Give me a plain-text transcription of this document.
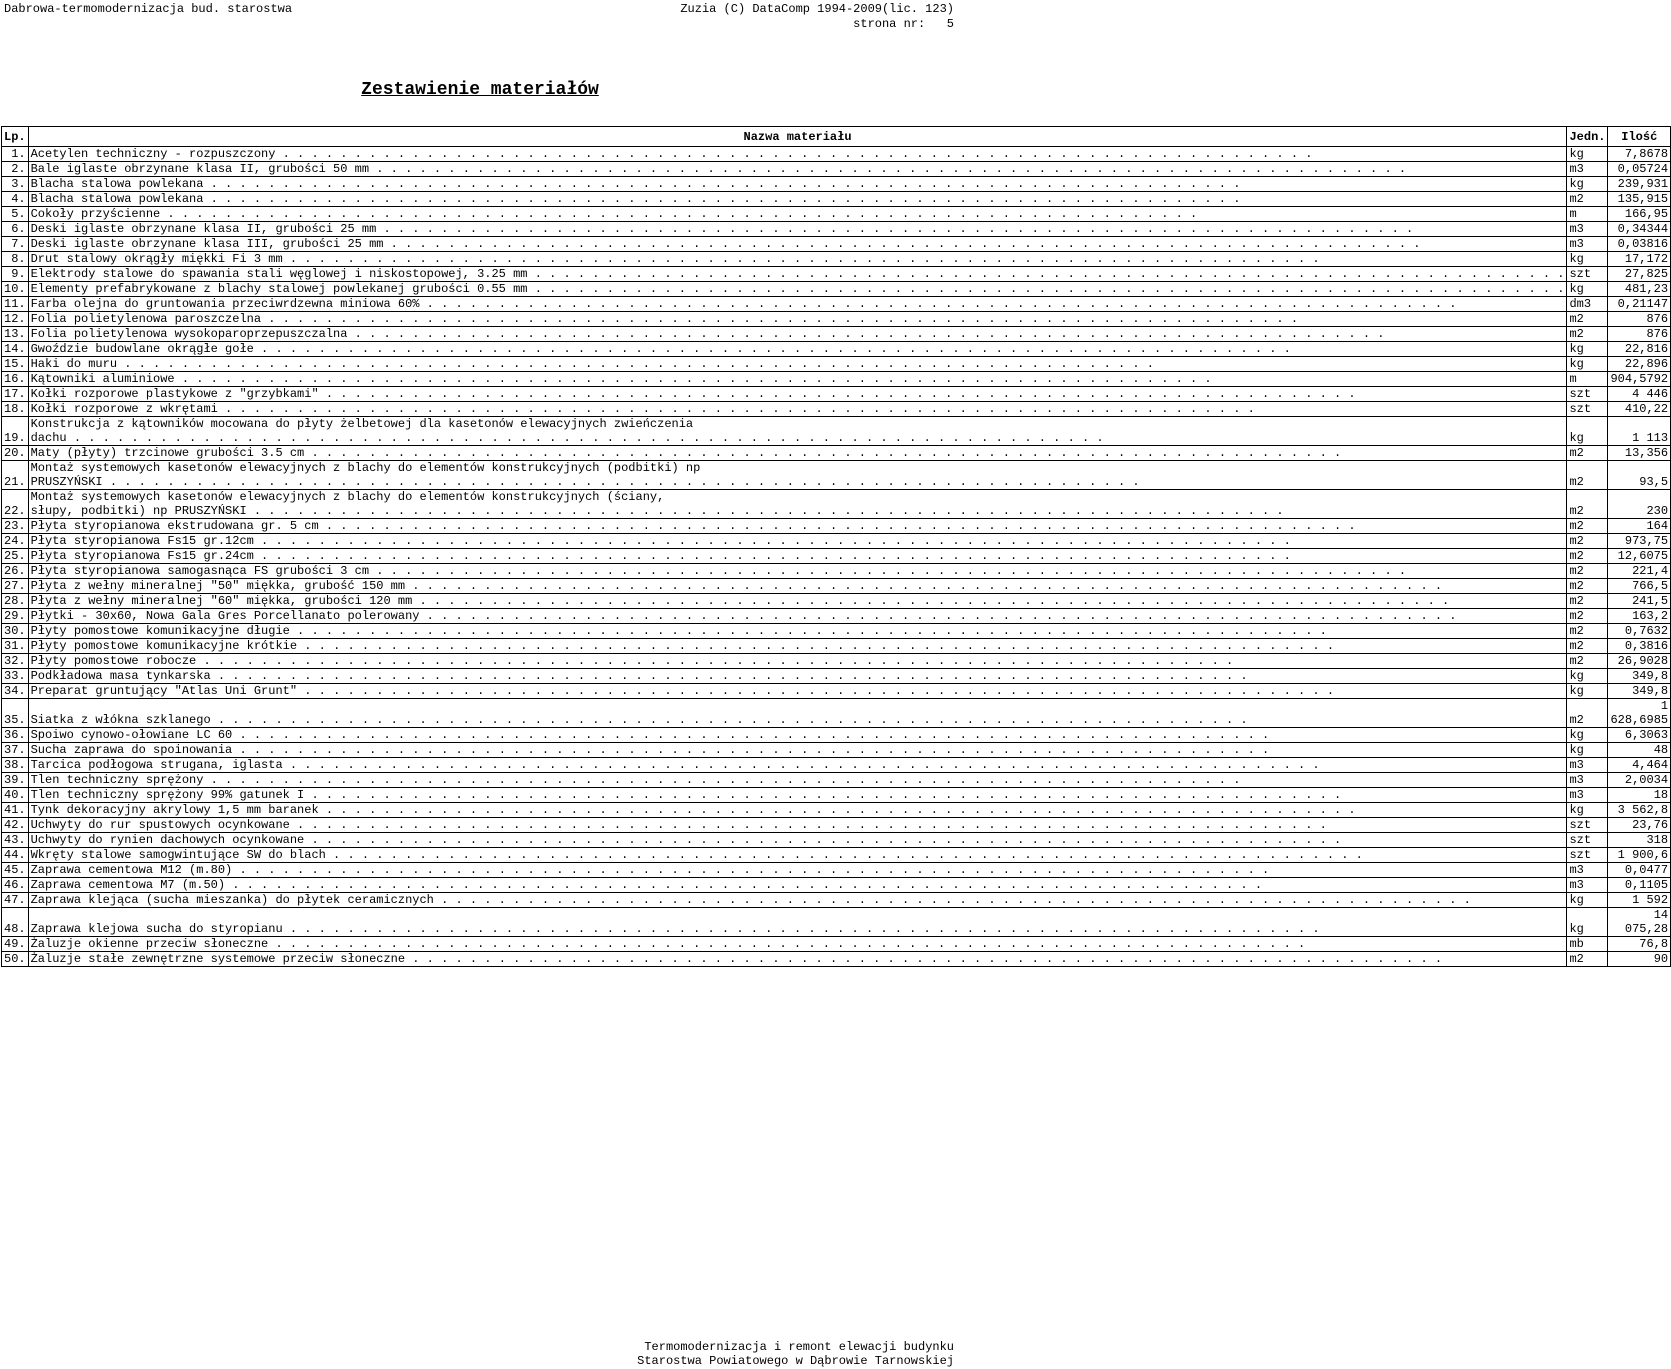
Dabrowa-termomodernizacja bud. starostwa	Zuzia (C) DataComp 1994-2009(lic. 123)
strona nr:   5
Zestawienie materiałów
Lp.	Nazwa materiału	Jedn.	Ilość
1.	Acetylen techniczny - rozpuszczony . . . . . . . . . . . . . . . . . . . . . . . . . . . . . . . . . . . . . . . . . . . . . . . . . . . . . . . . . . . . . . . . . . . . . . . .	kg	7,8678
2.	Bale iglaste obrzynane klasa II, grubości 50 mm . . . . . . . . . . . . . . . . . . . . . . . . . . . . . . . . . . . . . . . . . . . . . . . . . . . . . . . . . . . . . . . . . . . . . . . .	m3	0,05724
3.	Blacha stalowa powlekana . . . . . . . . . . . . . . . . . . . . . . . . . . . . . . . . . . . . . . . . . . . . . . . . . . . . . . . . . . . . . . . . . . . . . . . .	kg	239,931
4.	Blacha stalowa powlekana . . . . . . . . . . . . . . . . . . . . . . . . . . . . . . . . . . . . . . . . . . . . . . . . . . . . . . . . . . . . . . . . . . . . . . . .	m2	135,915
5.	Cokoły przyścienne . . . . . . . . . . . . . . . . . . . . . . . . . . . . . . . . . . . . . . . . . . . . . . . . . . . . . . . . . . . . . . . . . . . . . . . .	m	166,95
6.	Deski iglaste obrzynane klasa II, grubości 25 mm . . . . . . . . . . . . . . . . . . . . . . . . . . . . . . . . . . . . . . . . . . . . . . . . . . . . . . . . . . . . . . . . . . . . . . . .	m3	0,34344
7.	Deski iglaste obrzynane klasa III, grubości 25 mm . . . . . . . . . . . . . . . . . . . . . . . . . . . . . . . . . . . . . . . . . . . . . . . . . . . . . . . . . . . . . . . . . . . . . . . .	m3	0,03816
8.	Drut stalowy okrągły miękki Fi 3 mm . . . . . . . . . . . . . . . . . . . . . . . . . . . . . . . . . . . . . . . . . . . . . . . . . . . . . . . . . . . . . . . . . . . . . . . .	kg	17,172
9.	Elektrody stalowe do spawania stali węglowej i niskostopowej, 3.25 mm . . . . . . . . . . . . . . . . . . . . . . . . . . . . . . . . . . . . . . . . . . . . . . . . . . . . . . . . . . . . . . . . . . . . . . . .	szt	27,825
10.	Elementy prefabrykowane z blachy stalowej powlekanej grubości 0.55 mm . . . . . . . . . . . . . . . . . . . . . . . . . . . . . . . . . . . . . . . . . . . . . . . . . . . . . . . . . . . . . . . . . . . . . . . .	kg	481,23
11.	Farba olejna do gruntowania przeciwrdzewna miniowa 60% . . . . . . . . . . . . . . . . . . . . . . . . . . . . . . . . . . . . . . . . . . . . . . . . . . . . . . . . . . . . . . . . . . . . . . . .	dm3	0,21147
12.	Folia polietylenowa paroszczelna . . . . . . . . . . . . . . . . . . . . . . . . . . . . . . . . . . . . . . . . . . . . . . . . . . . . . . . . . . . . . . . . . . . . . . . .	m2	876
13.	Folia polietylenowa wysokoparoprzepuszczalna . . . . . . . . . . . . . . . . . . . . . . . . . . . . . . . . . . . . . . . . . . . . . . . . . . . . . . . . . . . . . . . . . . . . . . . .	m2	876
14.	Gwoździe budowlane okrągłe gołe . . . . . . . . . . . . . . . . . . . . . . . . . . . . . . . . . . . . . . . . . . . . . . . . . . . . . . . . . . . . . . . . . . . . . . . .	kg	22,816
15.	Haki do muru . . . . . . . . . . . . . . . . . . . . . . . . . . . . . . . . . . . . . . . . . . . . . . . . . . . . . . . . . . . . . . . . . . . . . . . .	kg	22,896
16.	Kątowniki aluminiowe . . . . . . . . . . . . . . . . . . . . . . . . . . . . . . . . . . . . . . . . . . . . . . . . . . . . . . . . . . . . . . . . . . . . . . . .	m	904,5792
17.	Kołki rozporowe plastykowe z "grzybkami" . . . . . . . . . . . . . . . . . . . . . . . . . . . . . . . . . . . . . . . . . . . . . . . . . . . . . . . . . . . . . . . . . . . . . . . .	szt	4 446
18.	Kołki rozporowe z wkrętami . . . . . . . . . . . . . . . . . . . . . . . . . . . . . . . . . . . . . . . . . . . . . . . . . . . . . . . . . . . . . . . . . . . . . . . .	szt	410,22
19.	Konstrukcja z kątowników mocowana do płyty żelbetowej dla kasetonów elewacyjnych zwieńczenia
dachu . . . . . . . . . . . . . . . . . . . . . . . . . . . . . . . . . . . . . . . . . . . . . . . . . . . . . . . . . . . . . . . . . . . . . . . .	kg	1 113
20.	Maty (płyty) trzcinowe grubości 3.5 cm . . . . . . . . . . . . . . . . . . . . . . . . . . . . . . . . . . . . . . . . . . . . . . . . . . . . . . . . . . . . . . . . . . . . . . . .	m2	13,356
21.	Montaż systemowych kasetonów elewacyjnych z blachy do elementów konstrukcyjnych (podbitki) np
PRUSZYŃSKI . . . . . . . . . . . . . . . . . . . . . . . . . . . . . . . . . . . . . . . . . . . . . . . . . . . . . . . . . . . . . . . . . . . . . . . .	m2	93,5
22.	Montaż systemowych kasetonów elewacyjnych z blachy do elementów konstrukcyjnych (ściany,
słupy, podbitki) np PRUSZYŃSKI . . . . . . . . . . . . . . . . . . . . . . . . . . . . . . . . . . . . . . . . . . . . . . . . . . . . . . . . . . . . . . . . . . . . . . . .	m2	230
23.	Płyta styropianowa ekstrudowana gr. 5 cm . . . . . . . . . . . . . . . . . . . . . . . . . . . . . . . . . . . . . . . . . . . . . . . . . . . . . . . . . . . . . . . . . . . . . . . .	m2	164
24.	Płyta styropianowa Fs15 gr.12cm . . . . . . . . . . . . . . . . . . . . . . . . . . . . . . . . . . . . . . . . . . . . . . . . . . . . . . . . . . . . . . . . . . . . . . . .	m2	973,75
25.	Płyta styropianowa Fs15 gr.24cm . . . . . . . . . . . . . . . . . . . . . . . . . . . . . . . . . . . . . . . . . . . . . . . . . . . . . . . . . . . . . . . . . . . . . . . .	m2	12,6075
26.	Płyta styropianowa samogasnąca FS grubości 3 cm . . . . . . . . . . . . . . . . . . . . . . . . . . . . . . . . . . . . . . . . . . . . . . . . . . . . . . . . . . . . . . . . . . . . . . . .	m2	221,4
27.	Płyta z wełny mineralnej "50" miękka, grubość 150 mm . . . . . . . . . . . . . . . . . . . . . . . . . . . . . . . . . . . . . . . . . . . . . . . . . . . . . . . . . . . . . . . . . . . . . . . .	m2	766,5
28.	Płyta z wełny mineralnej "60" miękka, grubości 120 mm . . . . . . . . . . . . . . . . . . . . . . . . . . . . . . . . . . . . . . . . . . . . . . . . . . . . . . . . . . . . . . . . . . . . . . . .	m2	241,5
29.	Płytki - 30x60, Nowa Gala Gres Porcellanato polerowany . . . . . . . . . . . . . . . . . . . . . . . . . . . . . . . . . . . . . . . . . . . . . . . . . . . . . . . . . . . . . . . . . . . . . . . .	m2	163,2
30.	Płyty pomostowe komunikacyjne długie . . . . . . . . . . . . . . . . . . . . . . . . . . . . . . . . . . . . . . . . . . . . . . . . . . . . . . . . . . . . . . . . . . . . . . . .	m2	0,7632
31.	Płyty pomostowe komunikacyjne krótkie . . . . . . . . . . . . . . . . . . . . . . . . . . . . . . . . . . . . . . . . . . . . . . . . . . . . . . . . . . . . . . . . . . . . . . . .	m2	0,3816
32.	Płyty pomostowe robocze . . . . . . . . . . . . . . . . . . . . . . . . . . . . . . . . . . . . . . . . . . . . . . . . . . . . . . . . . . . . . . . . . . . . . . . .	m2	26,9028
33.	Podkładowa masa tynkarska . . . . . . . . . . . . . . . . . . . . . . . . . . . . . . . . . . . . . . . . . . . . . . . . . . . . . . . . . . . . . . . . . . . . . . . .	kg	349,8
34.	Preparat gruntujący "Atlas Uni Grunt" . . . . . . . . . . . . . . . . . . . . . . . . . . . . . . . . . . . . . . . . . . . . . . . . . . . . . . . . . . . . . . . . . . . . . . . .	kg	349,8
35.	Siatka z włókna szklanego . . . . . . . . . . . . . . . . . . . . . . . . . . . . . . . . . . . . . . . . . . . . . . . . . . . . . . . . . . . . . . . . . . . . . . . .	m2	1 628,6985
36.	Spoiwo cynowo-ołowiane LC 60 . . . . . . . . . . . . . . . . . . . . . . . . . . . . . . . . . . . . . . . . . . . . . . . . . . . . . . . . . . . . . . . . . . . . . . . .	kg	6,3063
37.	Sucha zaprawa do spoinowania . . . . . . . . . . . . . . . . . . . . . . . . . . . . . . . . . . . . . . . . . . . . . . . . . . . . . . . . . . . . . . . . . . . . . . . .	kg	48
38.	Tarcica podłogowa strugana, iglasta . . . . . . . . . . . . . . . . . . . . . . . . . . . . . . . . . . . . . . . . . . . . . . . . . . . . . . . . . . . . . . . . . . . . . . . .	m3	4,464
39.	Tlen techniczny sprężony . . . . . . . . . . . . . . . . . . . . . . . . . . . . . . . . . . . . . . . . . . . . . . . . . . . . . . . . . . . . . . . . . . . . . . . .	m3	2,0034
40.	Tlen techniczny sprężony 99% gatunek I . . . . . . . . . . . . . . . . . . . . . . . . . . . . . . . . . . . . . . . . . . . . . . . . . . . . . . . . . . . . . . . . . . . . . . . .	m3	18
41.	Tynk dekoracyjny akrylowy 1,5 mm baranek . . . . . . . . . . . . . . . . . . . . . . . . . . . . . . . . . . . . . . . . . . . . . . . . . . . . . . . . . . . . . . . . . . . . . . . .	kg	3 562,8
42.	Uchwyty do rur spustowych ocynkowane . . . . . . . . . . . . . . . . . . . . . . . . . . . . . . . . . . . . . . . . . . . . . . . . . . . . . . . . . . . . . . . . . . . . . . . .	szt	23,76
43.	Uchwyty do rynien dachowych ocynkowane . . . . . . . . . . . . . . . . . . . . . . . . . . . . . . . . . . . . . . . . . . . . . . . . . . . . . . . . . . . . . . . . . . . . . . . .	szt	318
44.	Wkręty stalowe samogwintujące SW do blach . . . . . . . . . . . . . . . . . . . . . . . . . . . . . . . . . . . . . . . . . . . . . . . . . . . . . . . . . . . . . . . . . . . . . . . .	szt	1 900,6
45.	Zaprawa cementowa M12 (m.80) . . . . . . . . . . . . . . . . . . . . . . . . . . . . . . . . . . . . . . . . . . . . . . . . . . . . . . . . . . . . . . . . . . . . . . . .	m3	0,0477
46.	Zaprawa cementowa M7 (m.50) . . . . . . . . . . . . . . . . . . . . . . . . . . . . . . . . . . . . . . . . . . . . . . . . . . . . . . . . . . . . . . . . . . . . . . . .	m3	0,1105
47.	Zaprawa klejąca (sucha mieszanka) do płytek ceramicznych . . . . . . . . . . . . . . . . . . . . . . . . . . . . . . . . . . . . . . . . . . . . . . . . . . . . . . . . . . . . . . . . . . . . . . . .	kg	1 592
48.	Zaprawa klejowa sucha do styropianu . . . . . . . . . . . . . . . . . . . . . . . . . . . . . . . . . . . . . . . . . . . . . . . . . . . . . . . . . . . . . . . . . . . . . . . .	kg	14 075,28
49.	Żaluzje okienne przeciw słoneczne . . . . . . . . . . . . . . . . . . . . . . . . . . . . . . . . . . . . . . . . . . . . . . . . . . . . . . . . . . . . . . . . . . . . . . . .	mb	76,8
50.	Żaluzje stałe zewnętrzne systemowe przeciw słoneczne . . . . . . . . . . . . . . . . . . . . . . . . . . . . . . . . . . . . . . . . . . . . . . . . . . . . . . . . . . . . . . . . . . . . . . . .	m2	90
Termomodernizacja i remont elewacji budynku
Starostwa Powiatowego w Dąbrowie Tarnowskiej
